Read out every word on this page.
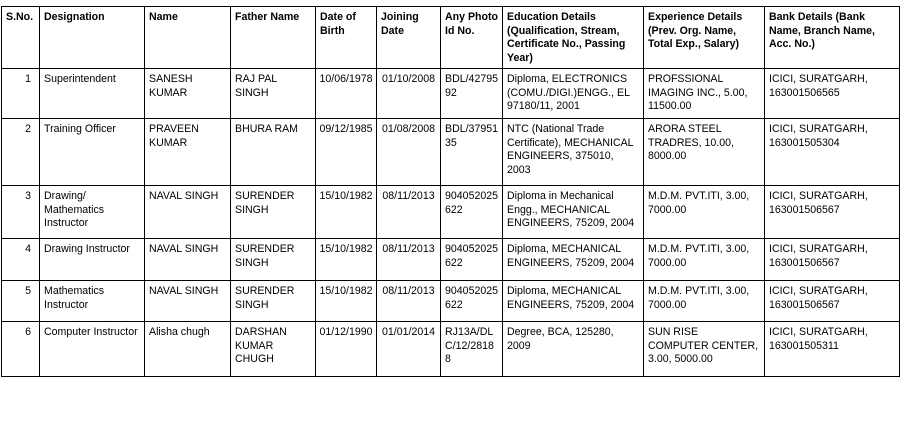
S.No.	Designation	Name	Father Name	Date of Birth	Joining Date	Any Photo Id No.	Education Details (Qualification, Stream, Certificate No., Passing Year)	Experience Details (Prev. Org. Name, Total Exp., Salary)	Bank Details (Bank Name, Branch Name, Acc. No.)
1	Superintendent	SANESH KUMAR	RAJ PAL SINGH	10/06/1978	01/10/2008	BDL/4279592	Diploma, ELECTRONICS (COMU./DIGI.)ENGG., EL 97180/11, 2001	PROFSSIONAL IMAGING INC., 5.00, 11500.00	ICICI, SURATGARH, 163001506565
2	Training Officer	PRAVEEN KUMAR	BHURA RAM	09/12/1985	01/08/2008	BDL/3795135	NTC (National Trade Certificate), MECHANICAL ENGINEERS, 375010, 2003	ARORA STEEL TRADRES, 10.00, 8000.00	ICICI, SURATGARH, 163001505304
3	Drawing/ Mathematics Instructor	NAVAL SINGH	SURENDER SINGH	15/10/1982	08/11/2013	904052025622	Diploma in Mechanical Engg., MECHANICAL ENGINEERS, 75209, 2004	M.D.M. PVT.ITI, 3.00, 7000.00	ICICI, SURATGARH, 163001506567
4	Drawing Instructor	NAVAL SINGH	SURENDER SINGH	15/10/1982	08/11/2013	904052025622	Diploma, MECHANICAL ENGINEERS, 75209, 2004	M.D.M. PVT.ITI, 3.00, 7000.00	ICICI, SURATGARH, 163001506567
5	Mathematics Instructor	NAVAL SINGH	SURENDER SINGH	15/10/1982	08/11/2013	904052025622	Diploma, MECHANICAL ENGINEERS, 75209, 2004	M.D.M. PVT.ITI, 3.00, 7000.00	ICICI, SURATGARH, 163001506567
6	Computer Instructor	Alisha chugh	DARSHAN KUMAR CHUGH	01/12/1990	01/01/2014	RJ13A/DLC/12/28188	Degree, BCA, 125280, 2009	SUN RISE COMPUTER CENTER, 3.00, 5000.00	ICICI, SURATGARH, 163001505311
